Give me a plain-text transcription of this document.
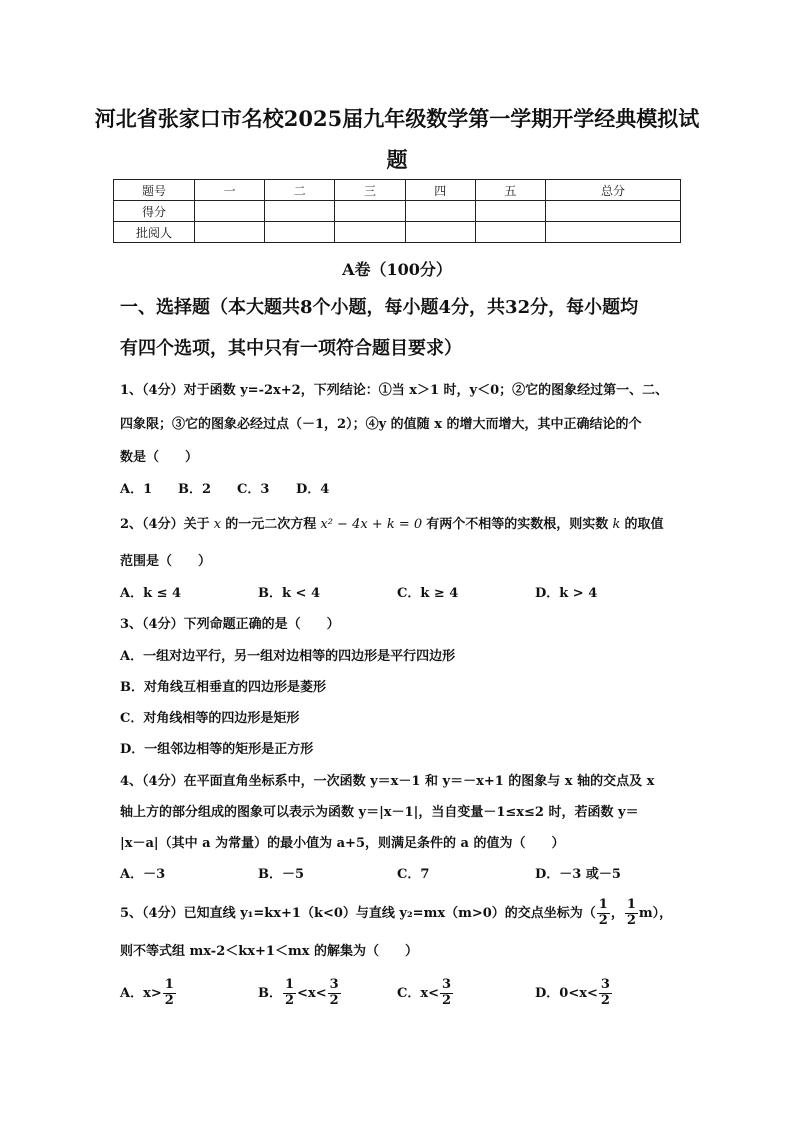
河北省张家口市名校2025届九年级数学第一学期开学经典模拟试
题
题号	一	二	三	四	五	总分
得分						
批阅人						
A卷（100分）
一、选择题（本大题共8个小题，每小题4分，共32分，每小题均
有四个选项，其中只有一项符合题目要求）
1、（4分）对于函数 y=-2x+2，下列结论：①当 x＞1 时，y＜0；②它的图象经过第一、二、
四象限；③它的图象必经过点（－1，2）；④y 的值随 x 的增大而增大，其中正确结论的个
数是（　　）
A．1 B．2 C．3 D．4
2、（4分）关于 x 的一元二次方程 x² − 4x + k = 0 有两个不相等的实数根，则实数 k 的取值
范围是（　　）
A．k ≤ 4	B．k < 4	C．k ≥ 4	D．k > 4
3、（4分）下列命题正确的是（　　）
A．一组对边平行，另一组对边相等的四边形是平行四边形
B．对角线互相垂直的四边形是菱形
C．对角线相等的四边形是矩形
D．一组邻边相等的矩形是正方形
4、（4分）在平面直角坐标系中，一次函数 y＝x－1 和 y＝－x+1 的图象与 x 轴的交点及 x
轴上方的部分组成的图象可以表示为函数 y＝|x－1|，当自变量－1≤x≤2 时，若函数 y＝
|x－a|（其中 a 为常量）的最小值为 a+5，则满足条件的 a 的值为（　　）
A．－3	B．－5	C．7	D．－3 或－5
5、（4分）已知直线 y₁=kx+1（k<0）与直线 y₂=mx（m>0）的交点坐标为（ $\frac{1}{2}$ ， $\frac{1}{2} m$），
则不等式组 mx-2＜kx+1＜mx 的解集为（　　）
A．$x> \frac{1}{2}$	B． $\frac{1}{2} <x< \frac{3}{2}$	C．$x< \frac{3}{2}$	D．$0<x< \frac{3}{2}$
